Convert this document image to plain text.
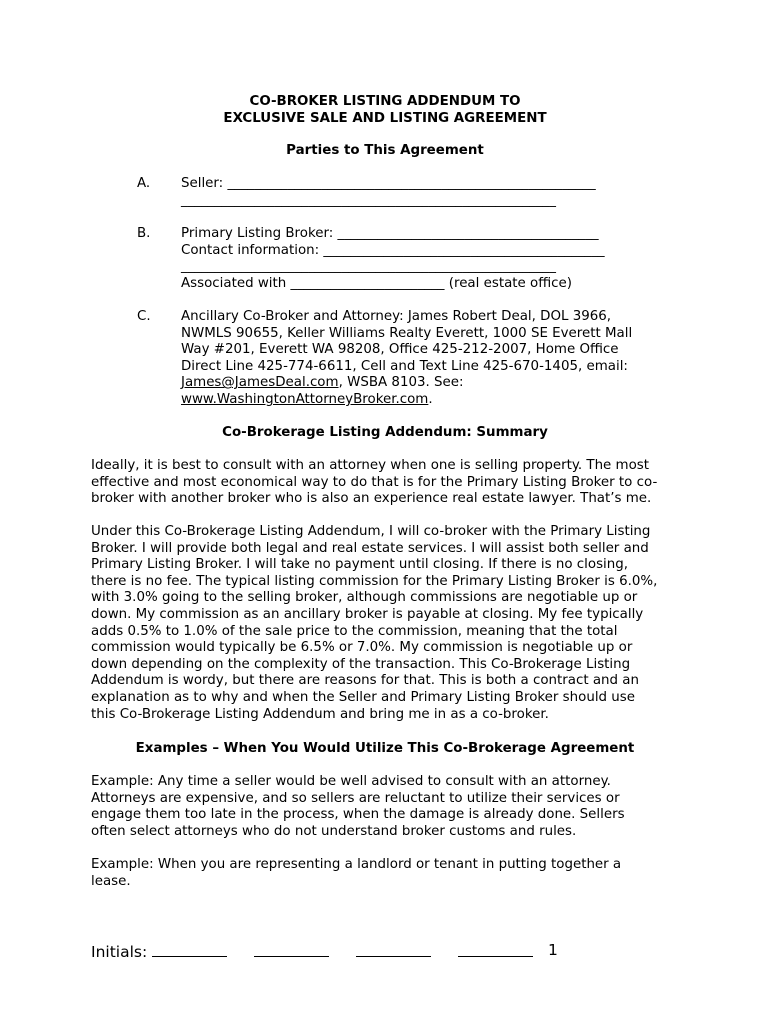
CO-BROKER LISTING ADDENDUM TO
EXCLUSIVE SALE AND LISTING AGREEMENT
Parties to This Agreement
A. Seller: _______________________________________________________
________________________________________________________
B. Primary Listing Broker: _______________________________________
Contact information: __________________________________________
________________________________________________________
Associated with _______________________ (real estate office)
C. Ancillary Co-Broker and Attorney: James Robert Deal, DOL 3966,
NWMLS 90655, Keller Williams Realty Everett, 1000 SE Everett Mall
Way #201, Everett WA 98208, Office 425-212-2007, Home Office
Direct Line 425-774-6611, Cell and Text Line 425-670-1405, email:
James@JamesDeal.com, WSBA 8103. See:
www.WashingtonAttorneyBroker.com.
Co-Brokerage Listing Addendum: Summary
Ideally, it is best to consult with an attorney when one is selling property. The most
effective and most economical way to do that is for the Primary Listing Broker to co-
broker with another broker who is also an experience real estate lawyer. That’s me.
Under this Co-Brokerage Listing Addendum, I will co-broker with the Primary Listing
Broker. I will provide both legal and real estate services. I will assist both seller and
Primary Listing Broker. I will take no payment until closing. If there is no closing,
there is no fee. The typical listing commission for the Primary Listing Broker is 6.0%,
with 3.0% going to the selling broker, although commissions are negotiable up or
down. My commission as an ancillary broker is payable at closing. My fee typically
adds 0.5% to 1.0% of the sale price to the commission, meaning that the total
commission would typically be 6.5% or 7.0%. My commission is negotiable up or
down depending on the complexity of the transaction. This Co-Brokerage Listing
Addendum is wordy, but there are reasons for that. This is both a contract and an
explanation as to why and when the Seller and Primary Listing Broker should use
this Co-Brokerage Listing Addendum and bring me in as a co-broker.
Examples – When You Would Utilize This Co-Brokerage Agreement
Example: Any time a seller would be well advised to consult with an attorney.
Attorneys are expensive, and so sellers are reluctant to utilize their services or
engage them too late in the process, when the damage is already done. Sellers
often select attorneys who do not understand broker customs and rules.
Example: When you are representing a landlord or tenant in putting together a
lease.
Initials:	1
